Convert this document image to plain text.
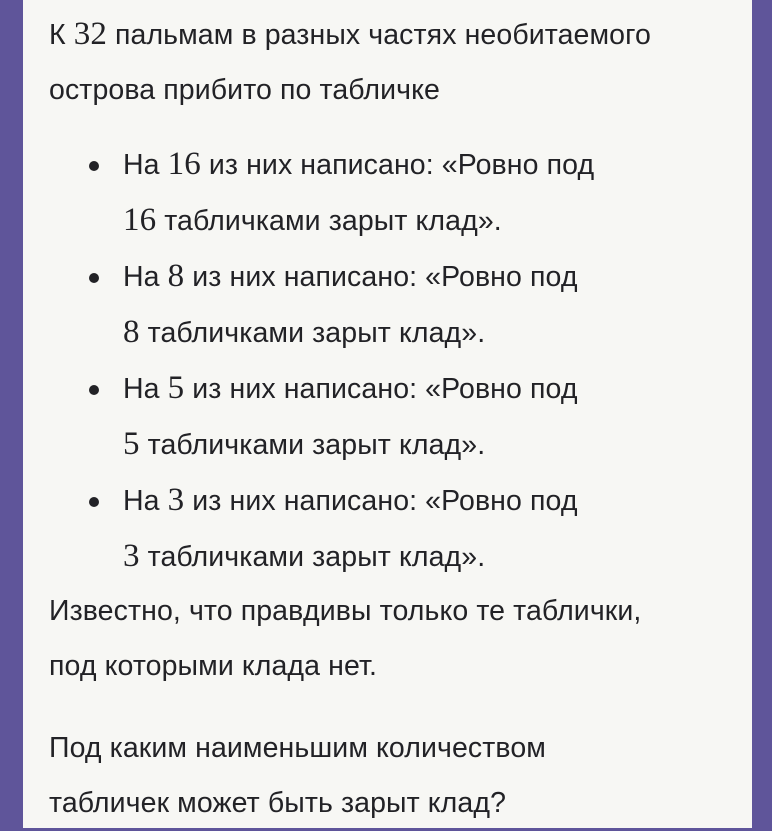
К 32 пальмам в разных частях необитаемого
острова прибито по табличке
На 16 из них написано: «Ровно под
16 табличками зарыт клад».
На 8 из них написано: «Ровно под
8 табличками зарыт клад».
На 5 из них написано: «Ровно под
5 табличками зарыт клад».
На 3 из них написано: «Ровно под
3 табличками зарыт клад».
Известно, что правдивы только те таблички,
под которыми клада нет.
Под каким наименьшим количеством
табличек может быть зарыт клад?
